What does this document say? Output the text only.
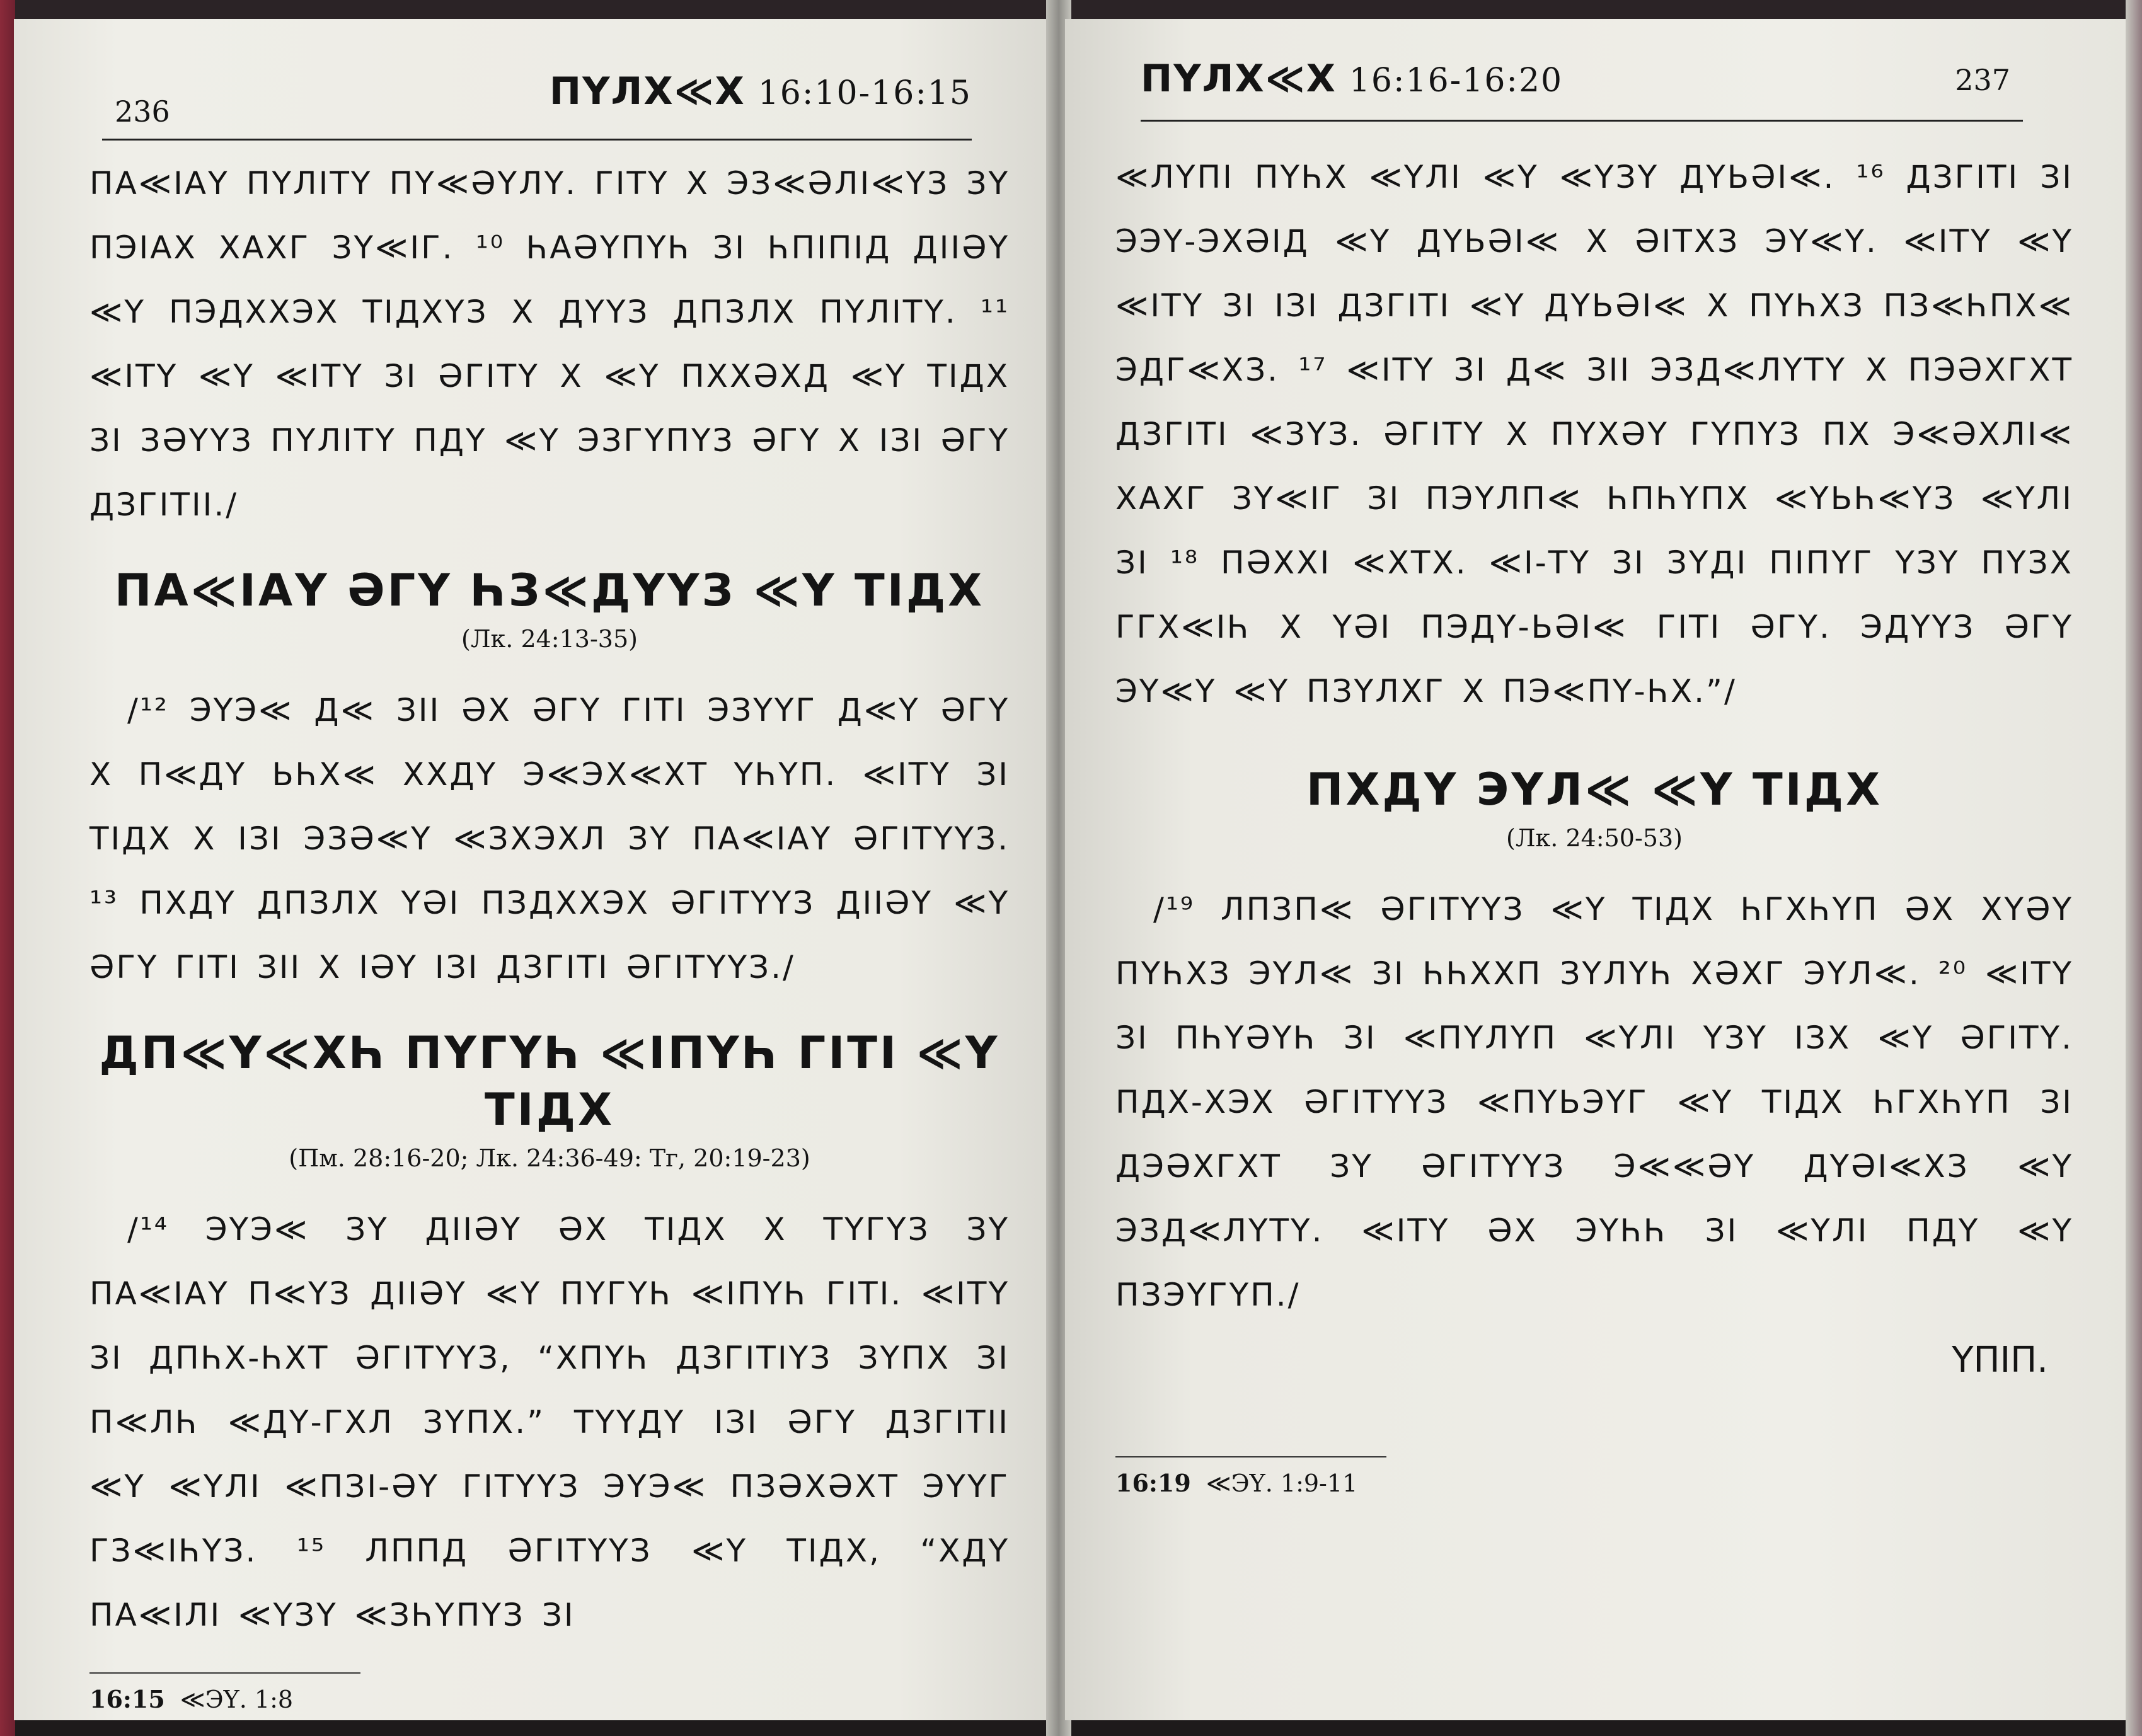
ПҮЛХ≪Х 16:10-16:15
236

ПА≪ІАҮ ПҮЛІТҮ ПҮ≪ӘҮЛҮ. ГІТҮ Х ЭЗ≪ӘЛІ≪ҮЗ ЗҮ ПЭІАХ ХАХГ ЗҮ≪ІГ. ¹⁰ ҺАӘҮПҮҺ ЗІ ҺПІПІД ДІІӘҮ ≪Ү ПЭДХХЭХ ТІДХҮЗ Х ДҮҮЗ ДПЗЛХ ПҮЛІТҮ. ¹¹ ≪ІТҮ ≪Ү ≪ІТҮ ЗІ ӘГІТҮ Х ≪Ү ПХХӘХД ≪Ү ТІДХ ЗІ ЗӘҮҮЗ ПҮЛІТҮ ПДҮ ≪Ү ЭЗГҮПҮЗ ӘГҮ Х ІЗІ ӘГҮ ДЗГІТІІ./

ПА≪ІАҮ ӘГҮ ҺЗ≪ДҮҮЗ ≪Ү ТІДХ
(Лк. 24:13-35)

/¹² ЭҮЭ≪ Д≪ ЗІІ ӘХ ӘГҮ ГІТІ ЭЗҮҮГ Д≪Ү ӘГҮ Х П≪ДҮ ЬҺХ≪ ХХДҮ Э≪ЭХ≪ХТ ҮҺҮП. ≪ІТҮ ЗІ ТІДХ Х ІЗІ ЭЗӘ≪Ү ≪ЗХЭХЛ ЗҮ ПА≪ІАҮ ӘГІТҮҮЗ. ¹³ ПХДҮ ДПЗЛХ ҮӘІ ПЗДХХЭХ ӘГІТҮҮЗ ДІІӘҮ ≪Ү ӘГҮ ГІТІ ЗІІ Х ІӘҮ ІЗІ ДЗГІТІ ӘГІТҮҮЗ./

ДП≪Ү≪ХҺ ПҮГҮҺ ≪ІПҮҺ ГІТІ ≪Ү ТІДХ
(Пм. 28:16-20; Лк. 24:36-49: Тг, 20:19-23)

/¹⁴ ЭҮЭ≪ ЗҮ ДІІӘҮ ӘХ ТІДХ Х ТҮГҮЗ ЗҮ ПА≪ІАҮ П≪ҮЗ ДІІӘҮ ≪Ү ПҮГҮҺ ≪ІПҮҺ ГІТІ. ≪ІТҮ ЗІ ДПҺХ-ҺХТ ӘГІТҮҮЗ, “ХПҮҺ ДЗГІТІҮЗ ЗҮПХ ЗІ П≪ЛҺ ≪ДҮ-ГХЛ ЗҮПХ.” ТҮҮДҮ ІЗІ ӘГҮ ДЗГІТІІ ≪Ү ≪ҮЛІ ≪ПЗІ-ӘҮ ГІТҮҮЗ ЭҮЭ≪ ПЗӘХӘХТ ЭҮҮГ ГЗ≪ІҺҮЗ. ¹⁵ ЛППД ӘГІТҮҮЗ ≪Ү ТІДХ, “ХДҮ ПА≪ІЛІ ≪ҮЗҮ ≪ЗҺҮПҮЗ ЗІ

16:15 ≪ЭҮ. 1:8
ПҮЛХ≪Х 16:16-16:20	237

≪ЛҮПІ ПҮҺХ ≪ҮЛІ ≪Ү ≪ҮЗҮ ДҮЬӘІ≪. ¹⁶ ДЗГІТІ ЗІ ЭЭҮ-ЭХӘІД ≪Ү ДҮЬӘІ≪ Х ӘІТХЗ ЭҮ≪Ү. ≪ІТҮ ≪Ү ≪ІТҮ ЗІ ІЗІ ДЗГІТІ ≪Ү ДҮЬӘІ≪ Х ПҮҺХЗ ПЗ≪ҺПХ≪ ЭДГ≪ХЗ. ¹⁷ ≪ІТҮ ЗІ Д≪ ЗІІ ЭЗД≪ЛҮТҮ Х ПЭӘХГХТ ДЗГІТІ ≪ЗҮЗ. ӘГІТҮ Х ПҮХӘҮ ГҮПҮЗ ПХ Э≪ӘХЛІ≪ ХАХГ ЗҮ≪ІГ ЗІ ПЭҮЛП≪ ҺПҺҮПХ ≪ҮЬҺ≪ҮЗ ≪ҮЛІ ЗІ ¹⁸ ПӘХХІ ≪ХТХ. ≪І-ТҮ ЗІ ЗҮДІ ПІПҮГ ҮЗҮ ПҮЗХ ГГХ≪ІҺ Х ҮӘІ ПЭДҮ-ЬӘІ≪ ГІТІ ӘГҮ. ЭДҮҮЗ ӘГҮ ЭҮ≪Ү ≪Ү ПЗҮЛХГ Х ПЭ≪ПҮ-ҺХ.”/

ПХДҮ ЭҮЛ≪ ≪Ү ТІДХ
(Лк. 24:50-53)

/¹⁹ ЛПЗП≪ ӘГІТҮҮЗ ≪Ү ТІДХ ҺГХҺҮП ӘХ ХҮӘҮ ПҮҺХЗ ЭҮЛ≪ ЗІ ҺҺХХП ЗҮЛҮҺ ХӘХГ ЭҮЛ≪. ²⁰ ≪ІТҮ ЗІ ПҺҮӘҮҺ ЗІ ≪ПҮЛҮП ≪ҮЛІ ҮЗҮ ІЗХ ≪Ү ӘГІТҮ. ПДХ-ХЭХ ӘГІТҮҮЗ ≪ПҮЬЭҮГ ≪Ү ТІДХ ҺГХҺҮП ЗІ ДЭӘХГХТ ЗҮ ӘГІТҮҮЗ Э≪≪ӘҮ ДҮӘІ≪ХЗ ≪Ү ЭЗД≪ЛҮТҮ. ≪ІТҮ ӘХ ЭҮҺҺ ЗІ ≪ҮЛІ ПДҮ ≪Ү ПЗЭҮГҮП./

ҮПІП.
16:19 ≪ЭҮ. 1:9-11
